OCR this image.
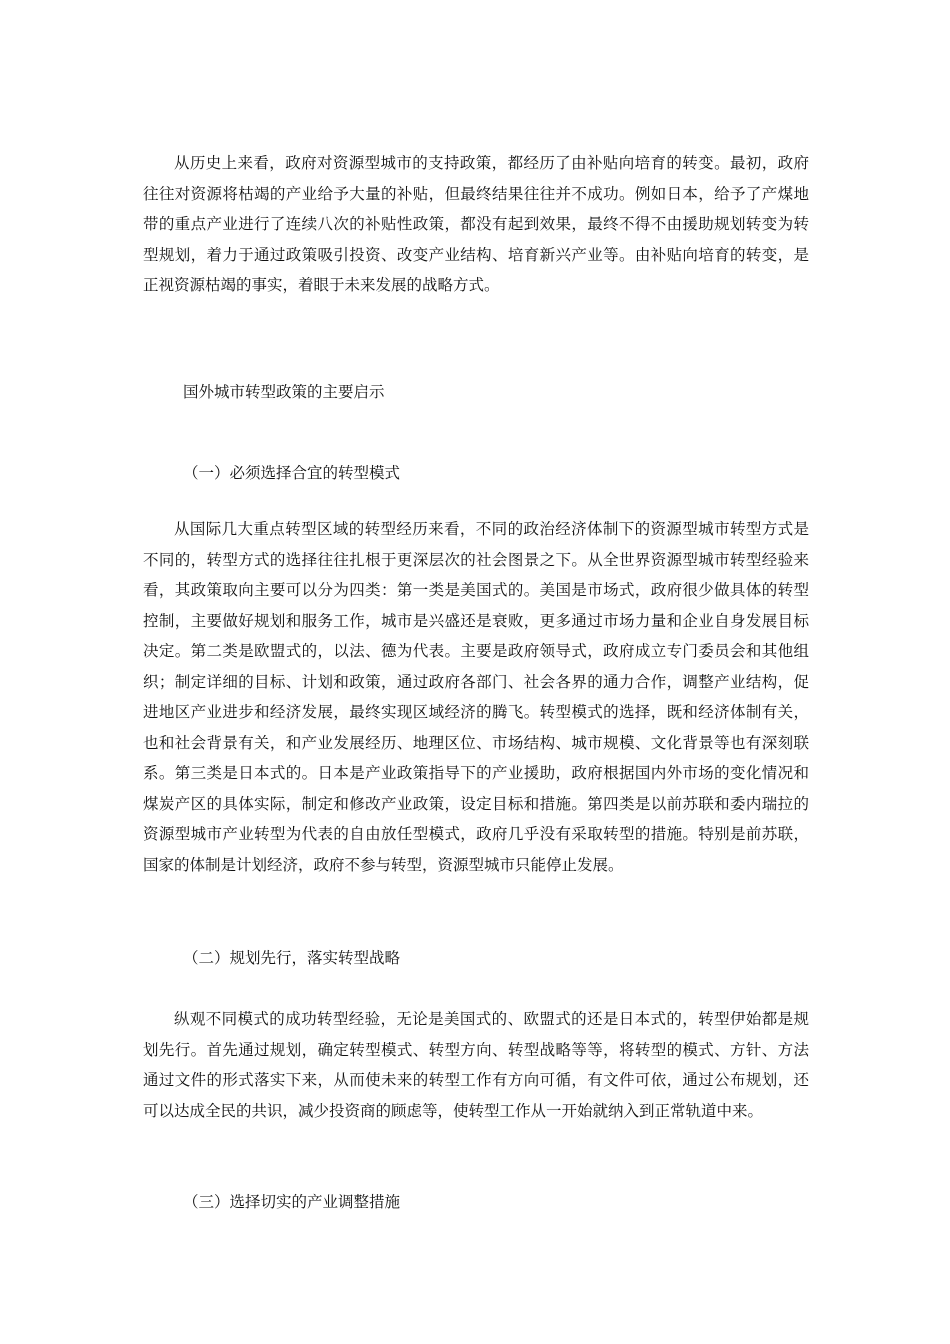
从历史上来看，政府对资源型城市的支持政策，都经历了由补贴向培育的转变。最初，政府往往对资源将枯竭的产业给予大量的补贴，但最终结果往往并不成功。例如日本，给予了产煤地带的重点产业进行了连续八次的补贴性政策，都没有起到效果，最终不得不由援助规划转变为转型规划，着力于通过政策吸引投资、改变产业结构、培育新兴产业等。由补贴向培育的转变，是正视资源枯竭的事实，着眼于未来发展的战略方式。

国外城市转型政策的主要启示

（一）必须选择合宜的转型模式

从国际几大重点转型区域的转型经历来看，不同的政治经济体制下的资源型城市转型方式是不同的，转型方式的选择往往扎根于更深层次的社会图景之下。从全世界资源型城市转型经验来看，其政策取向主要可以分为四类：第一类是美国式的。美国是市场式，政府很少做具体的转型控制，主要做好规划和服务工作，城市是兴盛还是衰败，更多通过市场力量和企业自身发展目标决定。第二类是欧盟式的，以法、德为代表。主要是政府领导式，政府成立专门委员会和其他组织；制定详细的目标、计划和政策，通过政府各部门、社会各界的通力合作，调整产业结构，促进地区产业进步和经济发展，最终实现区域经济的腾飞。转型模式的选择，既和经济体制有关，也和社会背景有关，和产业发展经历、地理区位、市场结构、城市规模、文化背景等也有深刻联系。第三类是日本式的。日本是产业政策指导下的产业援助，政府根据国内外市场的变化情况和煤炭产区的具体实际，制定和修改产业政策，设定目标和措施。第四类是以前苏联和委内瑞拉的资源型城市产业转型为代表的自由放任型模式，政府几乎没有采取转型的措施。特别是前苏联，国家的体制是计划经济，政府不参与转型，资源型城市只能停止发展。

（二）规划先行，落实转型战略

纵观不同模式的成功转型经验，无论是美国式的、欧盟式的还是日本式的，转型伊始都是规划先行。首先通过规划，确定转型模式、转型方向、转型战略等等，将转型的模式、方针、方法通过文件的形式落实下来，从而使未来的转型工作有方向可循，有文件可依，通过公布规划，还可以达成全民的共识，减少投资商的顾虑等，使转型工作从一开始就纳入到正常轨道中来。

（三）选择切实的产业调整措施
